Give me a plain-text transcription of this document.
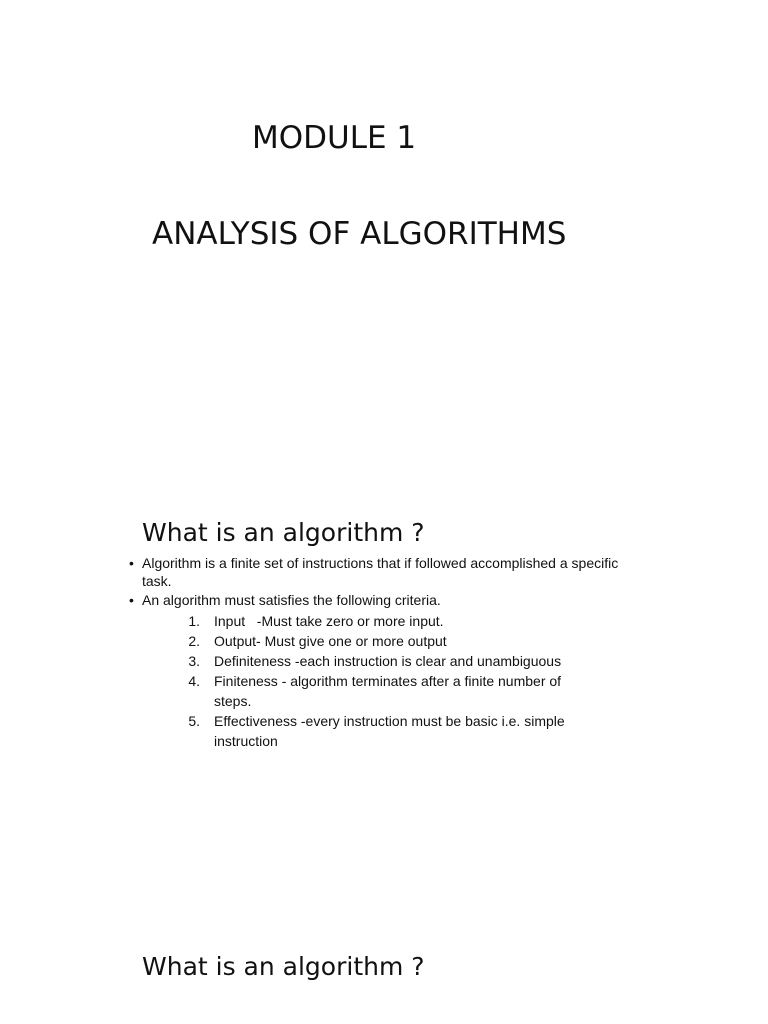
MODULE 1
ANALYSIS OF ALGORITHMS
What is an algorithm ?
• Algorithm is a finite set of instructions that if followed accomplished a specific task.
• An algorithm must satisfies the following criteria.
1. Input   -Must take zero or more input.
2. Output- Must give one or more output
3. Definiteness -each instruction is clear and unambiguous
4. Finiteness - algorithm terminates after a finite number of steps.
5. Effectiveness -every instruction must be basic i.e. simple instruction
What is an algorithm ?
